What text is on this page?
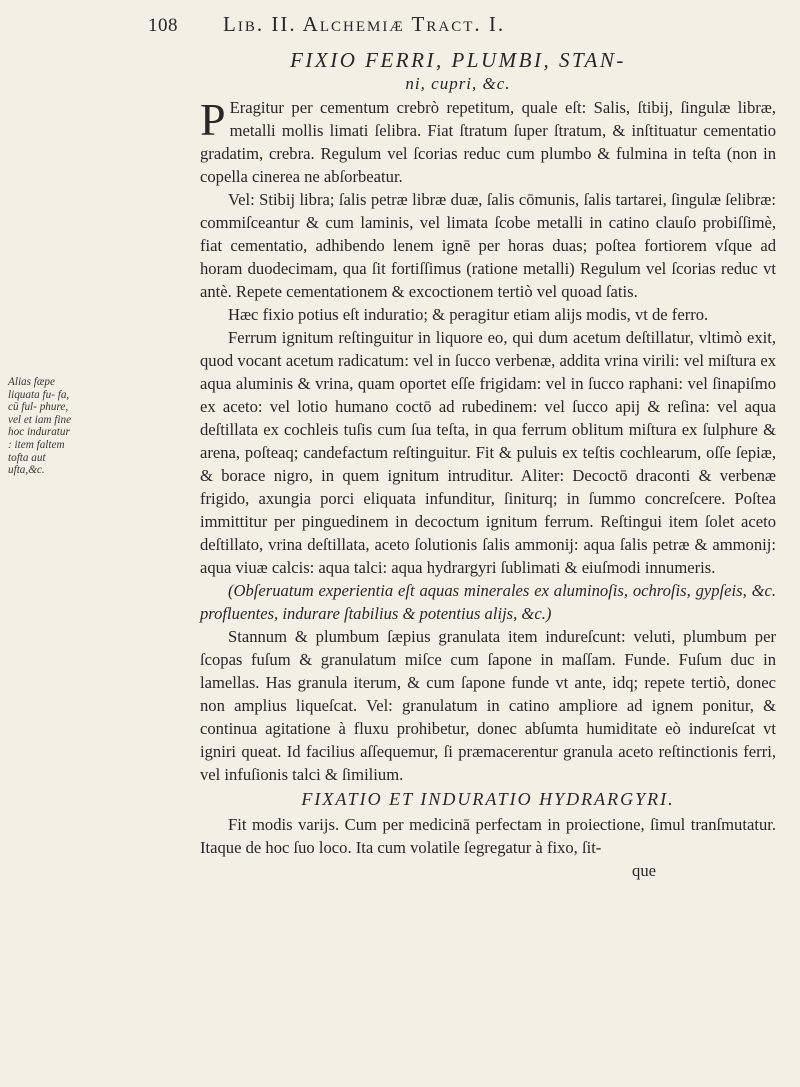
108	Lib. II. Alchemiæ Tract. I.
FIXIO FERRI, PLUMBI, STAN-
ni, cupri, &c.
Alias fæpe liquata fu- fa, cū ful- phure, vel et iam fine hoc induratur : item faltem tofta aut ufta,&c.

PEragitur per cementum crebrò repetitum, quale eſt: Salis, ſtibij, ſingulæ libræ, metalli mollis limati ſelibra. Fiat ſtratum ſuper ſtratum, & inſtituatur cementatio gradatim, crebra. Regulum vel ſcorias reduc cum plumbo & fulmina in teſta (non in copella cinerea ne abſorbeatur.

Vel: Stibij libra; ſalis petræ libræ duæ, ſalis cōmunis, ſalis tartarei, ſingulæ ſelibræ: commiſceantur & cum laminis, vel limata ſcobe metalli in catino clauſo probiſſimè, fiat cementatio, adhibendo lenem ignē per horas duas; poſtea fortiorem vſque ad horam duodecimam, qua ſit fortiſſimus (ratione metalli) Regulum vel ſcorias reduc vt antè. Repete cementationem & excoctionem tertiò vel quoad ſatis.

Hæc fixio potius eſt induratio; & peragitur etiam alijs modis, vt de ferro.

Ferrum ignitum reſtinguitur in liquore eo, qui dum acetum deſtillatur, vltimò exit, quod vocant acetum radicatum: vel in ſucco verbenæ, addita vrina virili: vel miſtura ex aqua aluminis & vrina, quam oportet eſſe frigidam: vel in ſucco raphani: vel ſinapiſmo ex aceto: vel lotio humano coctō ad rubedinem: vel ſucco apij & reſina: vel aqua deſtillata ex cochleis tuſis cum ſua teſta, in qua ferrum oblitum miſtura ex ſulphure & arena, poſteaq; candefactum reſtinguitur. Fit & puluis ex teſtis cochlearum, oſſe ſepiæ, & borace nigro, in quem ignitum intruditur. Aliter: Decoctō draconti & verbenæ frigido, axungia porci eliquata infunditur, ſiniturq; in ſummo concreſcere. Poſtea immittitur per pinguedinem in decoctum ignitum ferrum. Reſtingui item ſolet aceto deſtillato, vrina deſtillata, aceto ſolutionis ſalis ammonij: aqua ſalis petræ & ammonij: aqua viuæ calcis: aqua talci: aqua hydrargyri ſublimati & eiuſmodi innumeris.

(Obſeruatum experientia eſt aquas minerales ex aluminoſis, ochroſis, gypſeis, &c. profluentes, indurare ſtabilius & potentius alijs, &c.)

Stannum & plumbum ſæpius granulata item indureſcunt: veluti, plumbum per ſcopas fuſum & granulatum miſce cum ſapone in maſſam. Funde. Fuſum duc in lamellas. Has granula iterum, & cum ſapone funde vt ante, idq; repete tertiò, donec non amplius liqueſcat. Vel: granulatum in catino ampliore ad ignem ponitur, & continua agitatione à fluxu prohibetur, donec abſumta humiditate eò indureſcat vt igniri queat. Id facilius aſſequemur, ſi præmacerentur granula aceto reſtinctionis ferri, vel infuſionis talci & ſimilium.

FIXATIO ET INDURATIO HYDRARGYRI.

Fit modis varijs. Cum per medicinā perfectam in proiectione, ſimul tranſmutatur. Itaque de hoc ſuo loco. Ita cum volatile ſegregatur à fixo, ſit-

que
